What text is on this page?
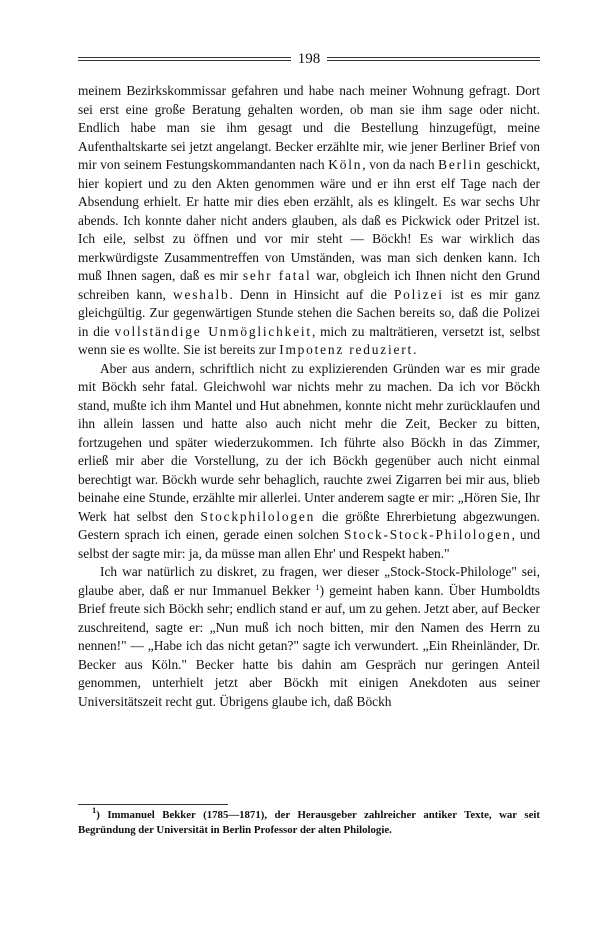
198

meinem Bezirkskommissar gefahren und habe nach meiner Wohnung gefragt. Dort sei erst eine große Beratung gehalten worden, ob man sie ihm sage oder nicht. Endlich habe man sie ihm gesagt und die Bestellung hinzugefügt, meine Aufenthaltskarte sei jetzt angelangt. Becker erzählte mir, wie jener Berliner Brief von mir von seinem Festungskommandanten nach Köln, von da nach Berlin geschickt, hier kopiert und zu den Akten genommen wäre und er ihn erst elf Tage nach der Absendung erhielt. Er hatte mir dies eben erzählt, als es klingelt. Es war sechs Uhr abends. Ich konnte daher nicht anders glauben, als daß es Pickwick oder Pritzel ist. Ich eile, selbst zu öffnen und vor mir steht — Böckh! Es war wirklich das merkwürdigste Zusammentreffen von Umständen, was man sich denken kann. Ich muß Ihnen sagen, daß es mir sehr fatal war, obgleich ich Ihnen nicht den Grund schreiben kann, weshalb. Denn in Hinsicht auf die Polizei ist es mir ganz gleichgültig. Zur gegenwärtigen Stunde stehen die Sachen bereits so, daß die Polizei in die vollständige Unmöglichkeit, mich zu malträtieren, versetzt ist, selbst wenn sie es wollte. Sie ist bereits zur Impotenz reduziert.

Aber aus andern, schriftlich nicht zu explizierenden Gründen war es mir grade mit Böckh sehr fatal. Gleichwohl war nichts mehr zu machen. Da ich vor Böckh stand, mußte ich ihm Mantel und Hut abnehmen, konnte nicht mehr zurücklaufen und ihn allein lassen und hatte also auch nicht mehr die Zeit, Becker zu bitten, fortzugehen und später wiederzukommen. Ich führte also Böckh in das Zimmer, erließ mir aber die Vorstellung, zu der ich Böckh gegenüber auch nicht einmal berechtigt war. Böckh wurde sehr behaglich, rauchte zwei Zigarren bei mir aus, blieb beinahe eine Stunde, erzählte mir allerlei. Unter anderem sagte er mir: „Hören Sie, Ihr Werk hat selbst den Stockphilologen die größte Ehrerbietung abgezwungen. Gestern sprach ich einen, gerade einen solchen Stock-Stock-Philologen, und selbst der sagte mir: ja, da müsse man allen Ehr' und Respekt haben."

Ich war natürlich zu diskret, zu fragen, wer dieser „Stock-Stock-Philologe" sei, glaube aber, daß er nur Immanuel Bekker $^1$) gemeint haben kann. Über Humboldts Brief freute sich Böckh sehr; endlich stand er auf, um zu gehen. Jetzt aber, auf Becker zuschreitend, sagte er: „Nun muß ich noch bitten, mir den Namen des Herrn zu nennen!" — „Habe ich das nicht getan?" sagte ich verwundert. „Ein Rheinländer, Dr. Becker aus Köln." Becker hatte bis dahin am Gespräch nur geringen Anteil genommen, unterhielt jetzt aber Böckh mit einigen Anekdoten aus seiner Universitätszeit recht gut. Übrigens glaube ich, daß Böckh

$^1$) Immanuel Bekker (1785—1871), der Herausgeber zahlreicher antiker Texte, war seit Begründung der Universität in Berlin Professor der alten Philologie.
